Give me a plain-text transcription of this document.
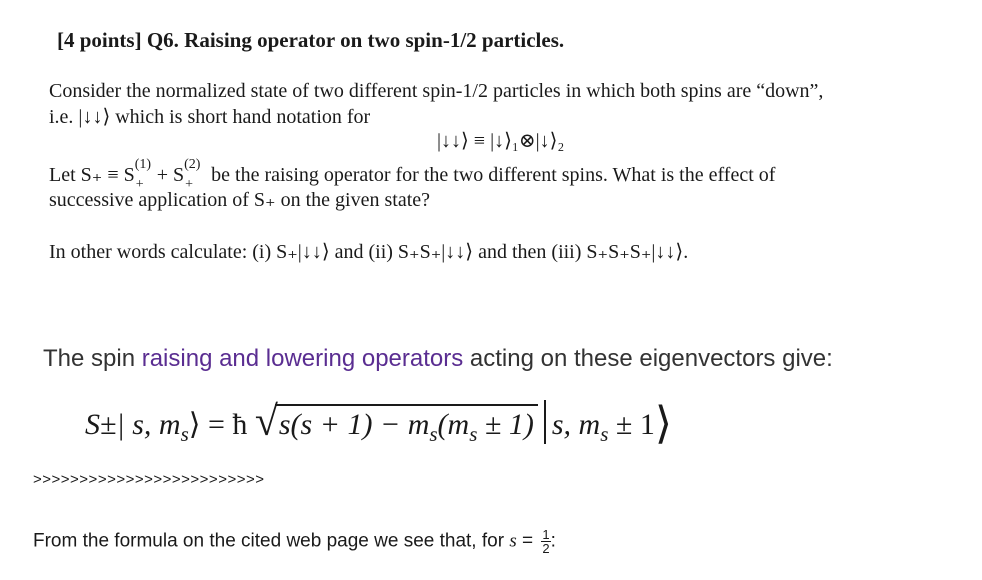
[4 points] Q6. Raising operator on two spin-1/2 particles.
Consider the normalized state of two different spin-1/2 particles in which both spins are “down”,
i.e. |↓↓⟩ which is short hand notation for
|↓↓⟩ ≡ |↓⟩₁⊗|↓⟩₂
Let S₊ ≡ S (1)
+ + S (2)
+ be the raising operator for the two different spins. What is the effect of
successive application of S₊ on the given state?
In other words calculate: (i) S₊|↓↓⟩ and (ii) S₊S₊|↓↓⟩ and then (iii) S₊S₊S₊|↓↓⟩.
The spin raising and lowering operators acting on these eigenvectors give:
S±| s, $m_s⟩$ = ħ √ $s(s + 1) - m_s(m_s \pm 1)$ s, $m_s$ ± 1⟩
>>>>>>>>>>>>>>>>>>>>>>>>>
From the formula on the cited web page we see that, for $s = \frac{1}{2}$ :
